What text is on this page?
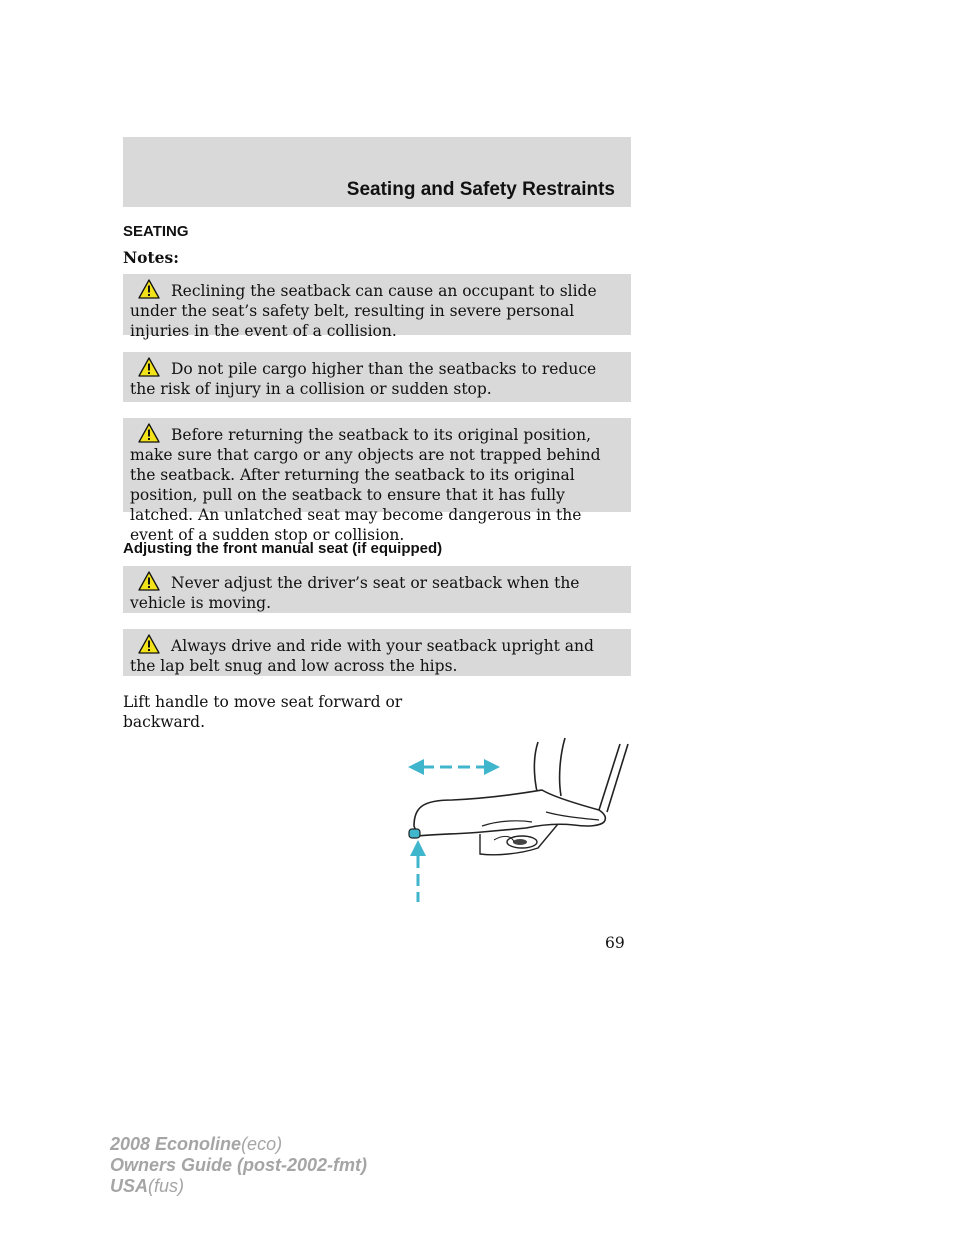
Seating and Safety Restraints

SEATING

Notes:

Reclining the seatback can cause an occupant to slide under the seat’s safety belt, resulting in severe personal injuries in the event of a collision.

Do not pile cargo higher than the seatbacks to reduce the risk of injury in a collision or sudden stop.

Before returning the seatback to its original position, make sure that cargo or any objects are not trapped behind the seatback. After returning the seatback to its original position, pull on the seatback to ensure that it has fully latched. An unlatched seat may become dangerous in the event of a sudden stop or collision.

Adjusting the front manual seat (if equipped)

Never adjust the driver’s seat or seatback when the vehicle is moving.

Always drive and ride with your seatback upright and the lap belt snug and low across the hips.

Lift handle to move seat forward or
backward.

69
2008 Econoline(eco)
Owners Guide (post-2002-fmt)
USA(fus)
